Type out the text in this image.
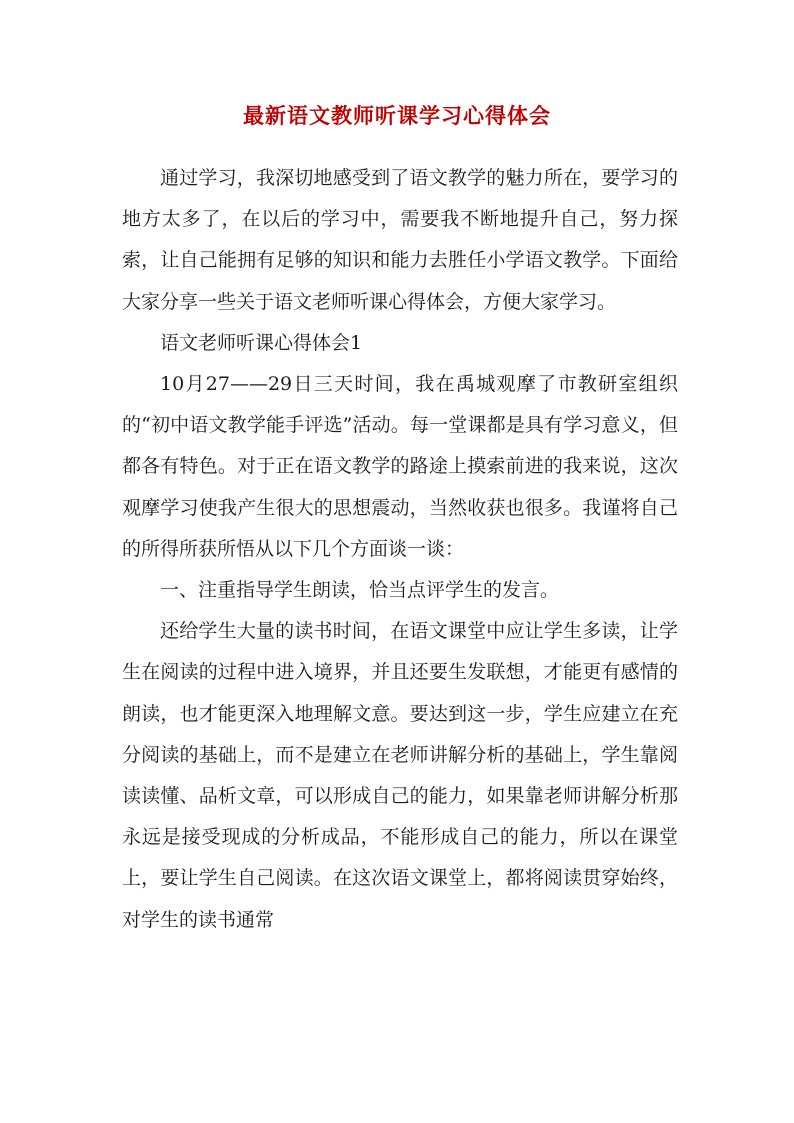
最新语文教师听课学习心得体会

通过学习，我深切地感受到了语文教学的魅力所在，要学习的地方太多了，在以后的学习中，需要我不断地提升自己，努力探索，让自己能拥有足够的知识和能力去胜任小学语文教学。下面给大家分享一些关于语文老师听课心得体会，方便大家学习。

语文老师听课心得体会1

10月27——29日三天时间，我在禹城观摩了市教研室组织的“初中语文教学能手评选”活动。每一堂课都是具有学习意义，但都各有特色。对于正在语文教学的路途上摸索前进的我来说，这次观摩学习使我产生很大的思想震动，当然收获也很多。我谨将自己的所得所获所悟从以下几个方面谈一谈：

一、注重指导学生朗读，恰当点评学生的发言。

还给学生大量的读书时间，在语文课堂中应让学生多读，让学生在阅读的过程中进入境界，并且还要生发联想，才能更有感情的朗读，也才能更深入地理解文意。要达到这一步，学生应建立在充分阅读的基础上，而不是建立在老师讲解分析的基础上，学生靠阅读读懂、品析文章，可以形成自己的能力，如果靠老师讲解分析那永远是接受现成的分析成品，不能形成自己的能力，所以在课堂上，要让学生自己阅读。在这次语文课堂上，都将阅读贯穿始终，对学生的读书通常
